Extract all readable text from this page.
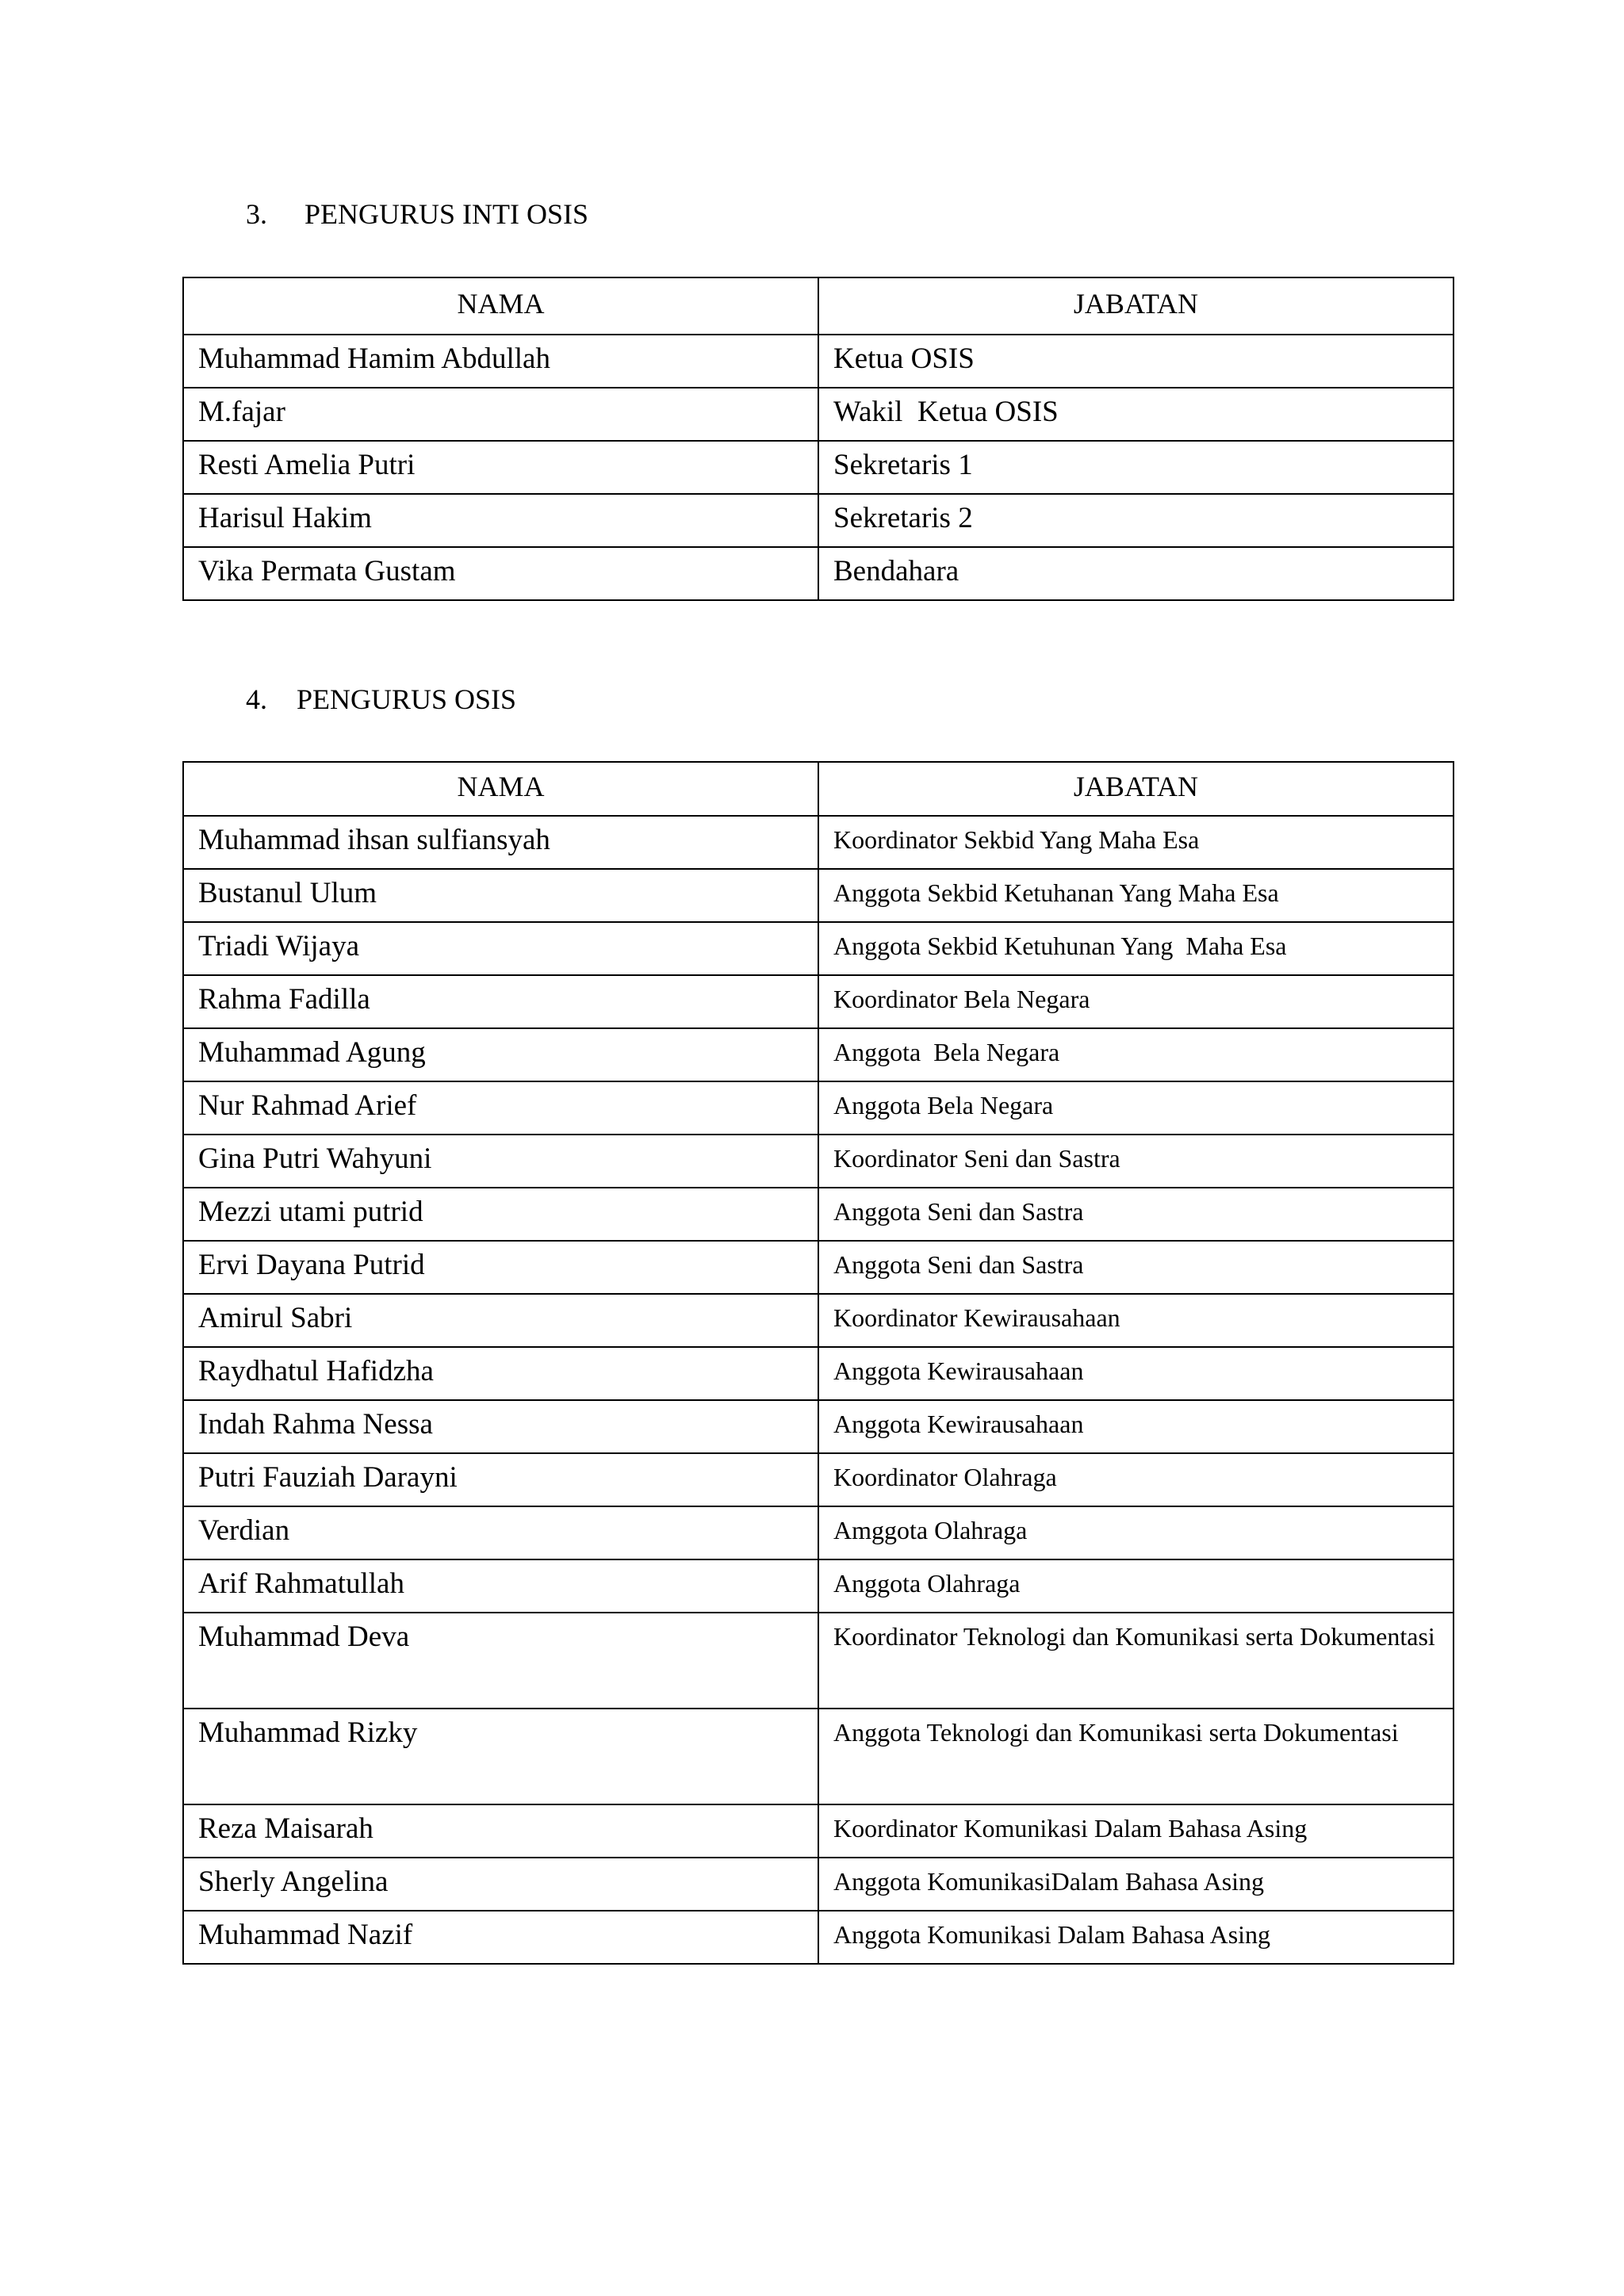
3. PENGURUS INTI OSIS
NAMA	JABATAN
Muhammad Hamim Abdullah	Ketua OSIS
M.fajar	Wakil  Ketua OSIS
Resti Amelia Putri	Sekretaris 1
Harisul Hakim	Sekretaris 2
Vika Permata Gustam	Bendahara
4. PENGURUS OSIS
NAMA	JABATAN
Muhammad ihsan sulfiansyah	Koordinator Sekbid Yang Maha Esa
Bustanul Ulum	Anggota Sekbid Ketuhanan Yang Maha Esa
Triadi Wijaya	Anggota Sekbid Ketuhunan Yang  Maha Esa
Rahma Fadilla	Koordinator Bela Negara
Muhammad Agung	Anggota  Bela Negara
Nur Rahmad Arief	Anggota Bela Negara
Gina Putri Wahyuni	Koordinator Seni dan Sastra
Mezzi utami putrid	Anggota Seni dan Sastra
Ervi Dayana Putrid	Anggota Seni dan Sastra
Amirul Sabri	Koordinator Kewirausahaan
Raydhatul Hafidzha	Anggota Kewirausahaan
Indah Rahma Nessa	Anggota Kewirausahaan
Putri Fauziah Darayni	Koordinator Olahraga
Verdian	Amggota Olahraga
Arif Rahmatullah	Anggota Olahraga
Muhammad Deva	Koordinator Teknologi dan Komunikasi serta Dokumentasi
Muhammad Rizky	Anggota Teknologi dan Komunikasi serta Dokumentasi
Reza Maisarah	Koordinator Komunikasi Dalam Bahasa Asing
Sherly Angelina	Anggota KomunikasiDalam Bahasa Asing
Muhammad Nazif	Anggota Komunikasi Dalam Bahasa Asing
